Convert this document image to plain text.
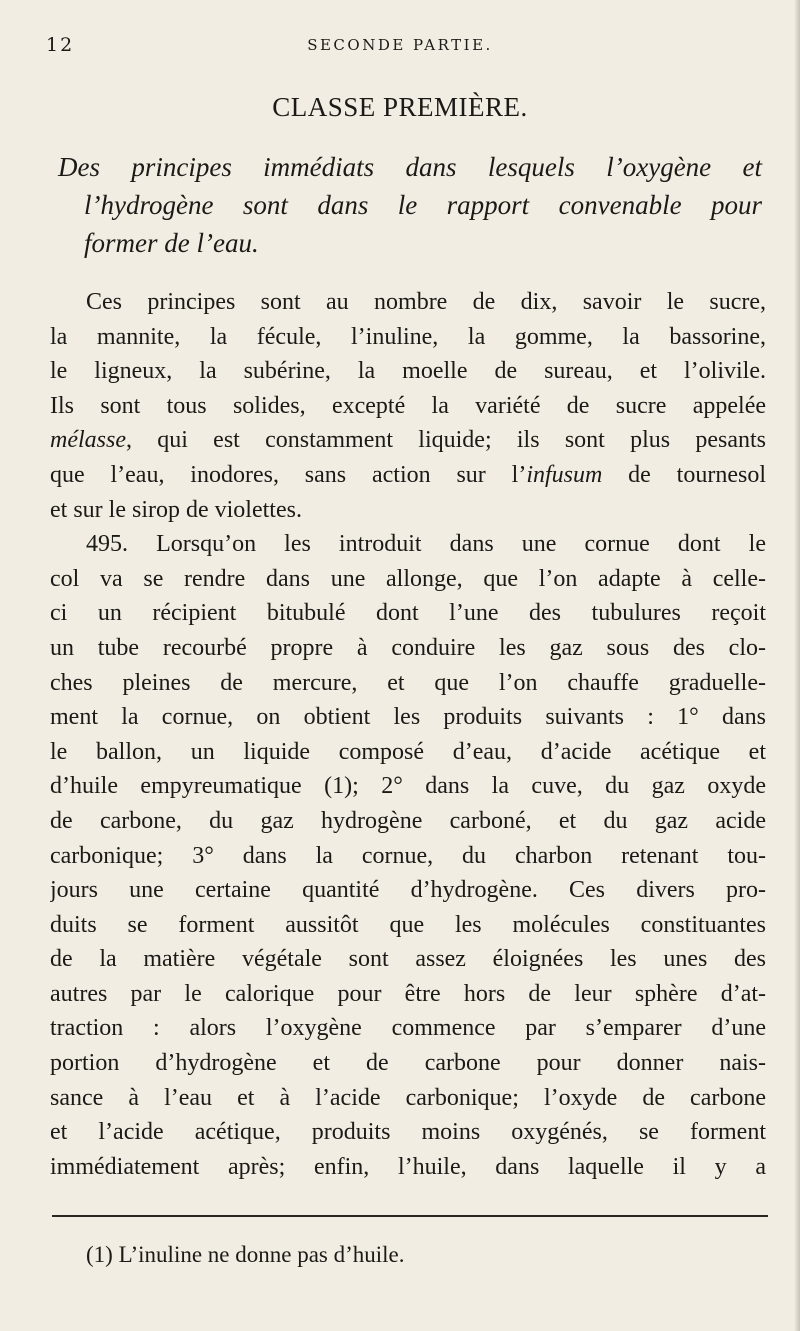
12	SECONDE PARTIE.
CLASSE PREMIÈRE.
Des principes immédiats dans lesquels l’oxygène et
l’hydrogène sont dans le rapport convenable pour
former de l’eau.
Ces principes sont au nombre de dix, savoir le sucre,
la mannite, la fécule, l’inuline, la gomme, la bassorine,
le ligneux, la subérine, la moelle de sureau, et l’olivile.
Ils sont tous solides, excepté la variété de sucre appelée
mélasse, qui est constamment liquide; ils sont plus pesants
que l’eau, inodores, sans action sur l’infusum de tournesol
et sur le sirop de violettes.
495. Lorsqu’on les introduit dans une cornue dont le
col va se rendre dans une allonge, que l’on adapte à celle-
ci un récipient bitubulé dont l’une des tubulures reçoit
un tube recourbé propre à conduire les gaz sous des clo-
ches pleines de mercure, et que l’on chauffe graduelle-
ment la cornue, on obtient les produits suivants : 1° dans
le ballon, un liquide composé d’eau, d’acide acétique et
d’huile empyreumatique (1); 2° dans la cuve, du gaz oxyde
de carbone, du gaz hydrogène carboné, et du gaz acide
carbonique; 3° dans la cornue, du charbon retenant tou-
jours une certaine quantité d’hydrogène. Ces divers pro-
duits se forment aussitôt que les molécules constituantes
de la matière végétale sont assez éloignées les unes des
autres par le calorique pour être hors de leur sphère d’at-
traction : alors l’oxygène commence par s’emparer d’une
portion d’hydrogène et de carbone pour donner nais-
sance à l’eau et à l’acide carbonique; l’oxyde de carbone
et l’acide acétique, produits moins oxygénés, se forment
immédiatement après; enfin, l’huile, dans laquelle il y a
(1) L’inuline ne donne pas d’huile.
